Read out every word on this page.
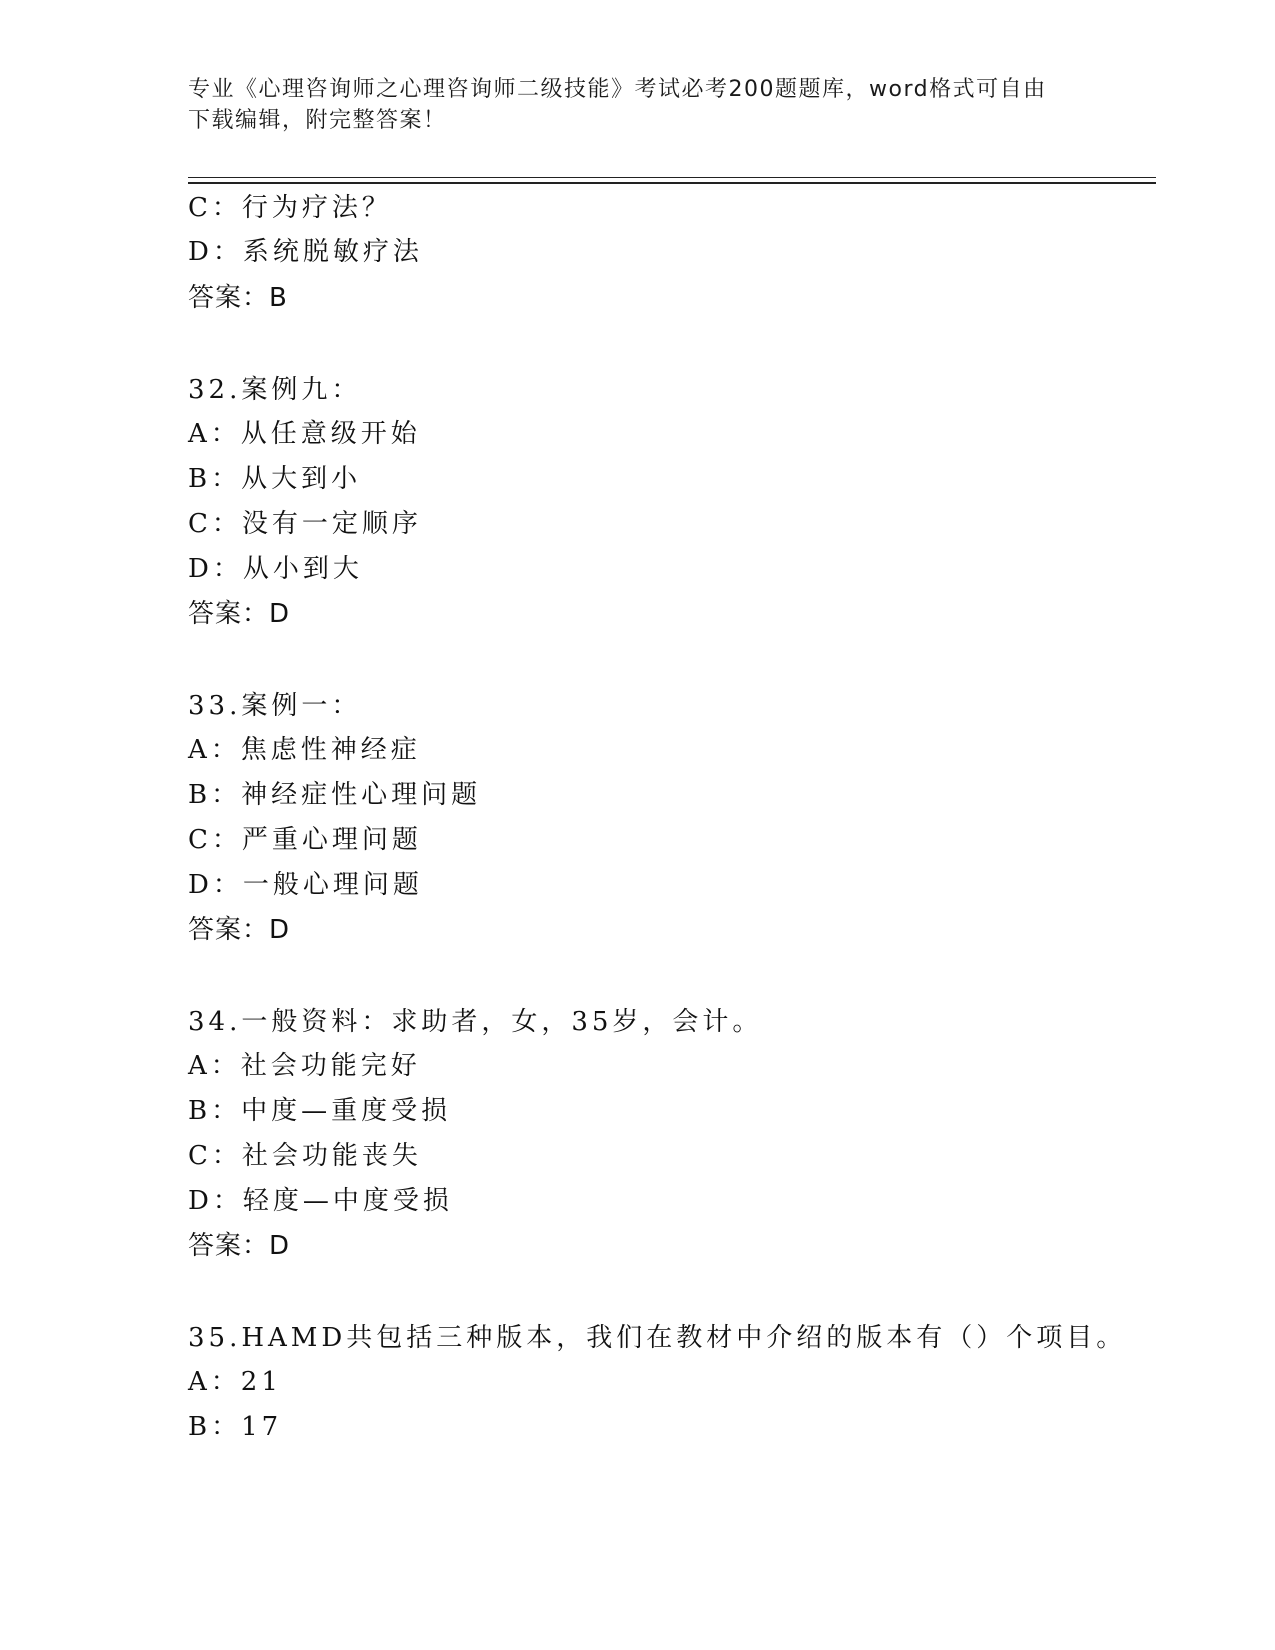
专业《心理咨询师之心理咨询师二级技能》考试必考200题题库，word格式可自由下载编辑，附完整答案！
C：行为疗法？
D：系统脱敏疗法
答案：B
32.案例九：
A：从任意级开始
B：从大到小
C：没有一定顺序
D：从小到大
答案：D
33.案例一：
A：焦虑性神经症
B：神经症性心理问题
C：严重心理问题
D：一般心理问题
答案：D
34.一般资料：求助者，女，35岁，会计。
A：社会功能完好
B：中度—重度受损
C：社会功能丧失
D：轻度—中度受损
答案：D
35.HAMD共包括三种版本，我们在教材中介绍的版本有（）个项目。
A：21
B：17
